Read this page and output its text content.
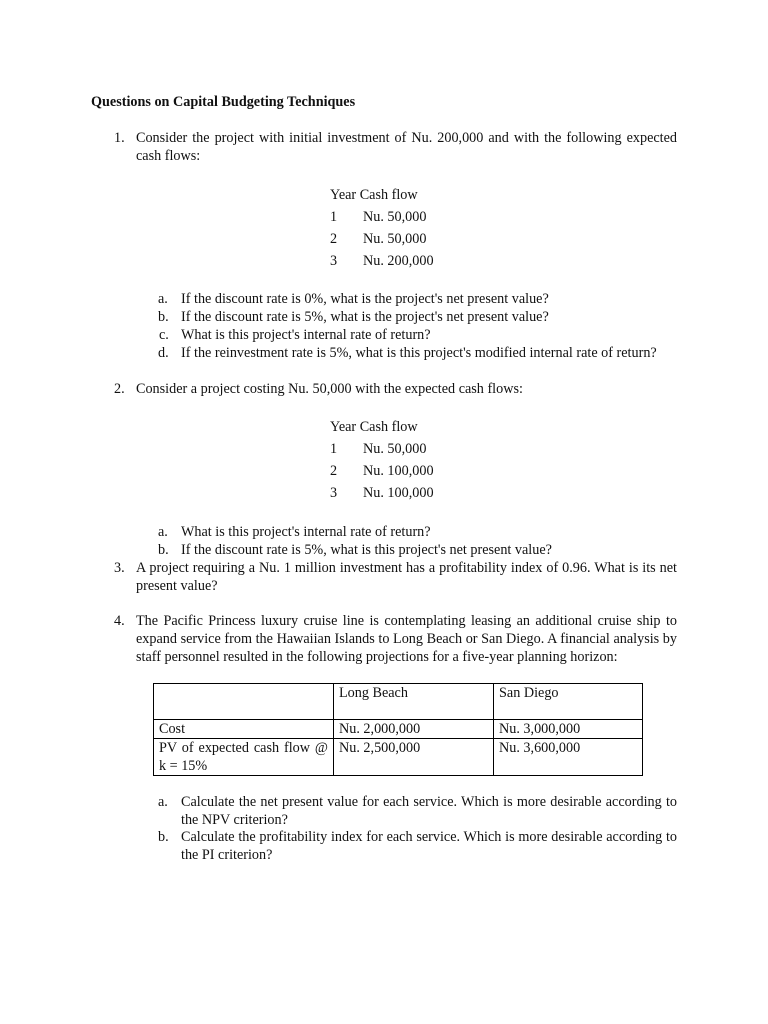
Questions on Capital Budgeting Techniques
1. Consider the project with initial investment of Nu. 200,000 and with the following expected cash flows:
Year Cash flow
1 Nu. 50,000
2 Nu. 50,000
3 Nu. 200,000
a. If the discount rate is 0%, what is the project's net present value?
b. If the discount rate is 5%, what is the project's net present value?
c. What is this project's internal rate of return?
d. If the reinvestment rate is 5%, what is this project's modified internal rate of return?
2. Consider a project costing Nu. 50,000 with the expected cash flows:
Year Cash flow
1 Nu. 50,000
2 Nu. 100,000
3 Nu. 100,000
a. What is this project's internal rate of return?
b. If the discount rate is 5%, what is this project's net present value?
3. A project requiring a Nu. 1 million investment has a profitability index of 0.96. What is its net present value?
4. The Pacific Princess luxury cruise line is contemplating leasing an additional cruise ship to expand service from the Hawaiian Islands to Long Beach or San Diego. A financial analysis by staff personnel resulted in the following projections for a five-year planning horizon:
	Long Beach	San Diego
Cost	Nu. 2,000,000	Nu. 3,000,000
PV of expected cash flow @ k = 15%	Nu. 2,500,000	Nu. 3,600,000
a. Calculate the net present value for each service. Which is more desirable according to the NPV criterion?
b. Calculate the profitability index for each service. Which is more desirable according to the PI criterion?
